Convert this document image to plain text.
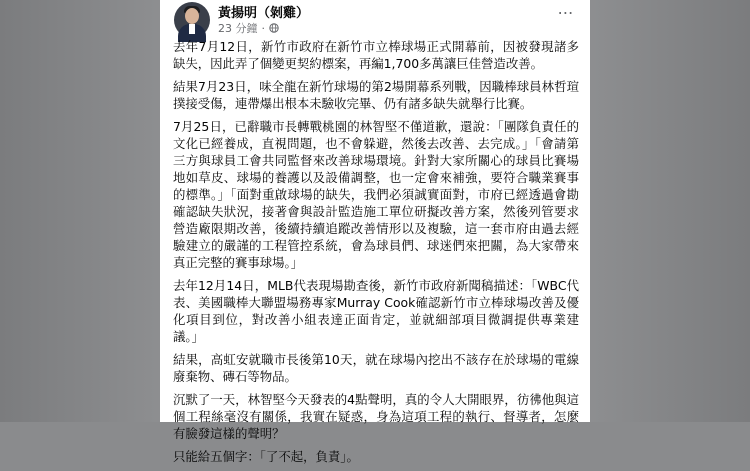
黃揚明（剝雞）
23 分鐘 ·
⋯

去年7月12日，新竹市政府在新竹市立棒球場正式開幕前，因被發現諸多缺失，因此弄了個變更契約標案，再編1,700多萬讓巨佳營造改善。

結果7月23日，味全龍在新竹球場的第2場開幕系列戰，因職棒球員林哲瑄撲接受傷，連帶爆出根本未驗收完畢、仍有諸多缺失就舉行比賽。

7月25日，已辭職市長轉戰桃園的林智堅不僅道歉，還說：「團隊負責任的文化已經養成，直視問題，也不會躲避，然後去改善、去完成。」「會請第三方與球員工會共同監督來改善球場環境。針對大家所關心的球員比賽場地如草皮、球場的養護以及設備調整，也一定會來補強，要符合職業賽事的標準。」「面對重啟球場的缺失，我們必須誠實面對，市府已經透過會勘確認缺失狀況，接著會與設計監造施工單位研擬改善方案，然後列管要求營造廠限期改善，後續持續追蹤改善情形以及複驗，這一套市府由過去經驗建立的嚴謹的工程管控系統，會為球員們、球迷們來把關，為大家帶來真正完整的賽事球場。」

去年12月14日，MLB代表現場勘查後，新竹市政府新聞稿描述：「WBC代表、美國職棒大聯盟場務專家Murray Cook確認新竹市立棒球場改善及優化項目到位，對改善小組表達正面肯定，並就細部項目微調提供專業建議。」

結果，高虹安就職市長後第10天，就在球場內挖出不該存在於球場的電線廢棄物、磚石等物品。

沉默了一天，林智堅今天發表的4點聲明，真的令人大開眼界，彷彿他與這個工程絲毫沒有關係，我實在疑惑，身為這項工程的執行、督導者，怎麼有臉發這樣的聲明？

只能給五個字：「了不起，負責」。
